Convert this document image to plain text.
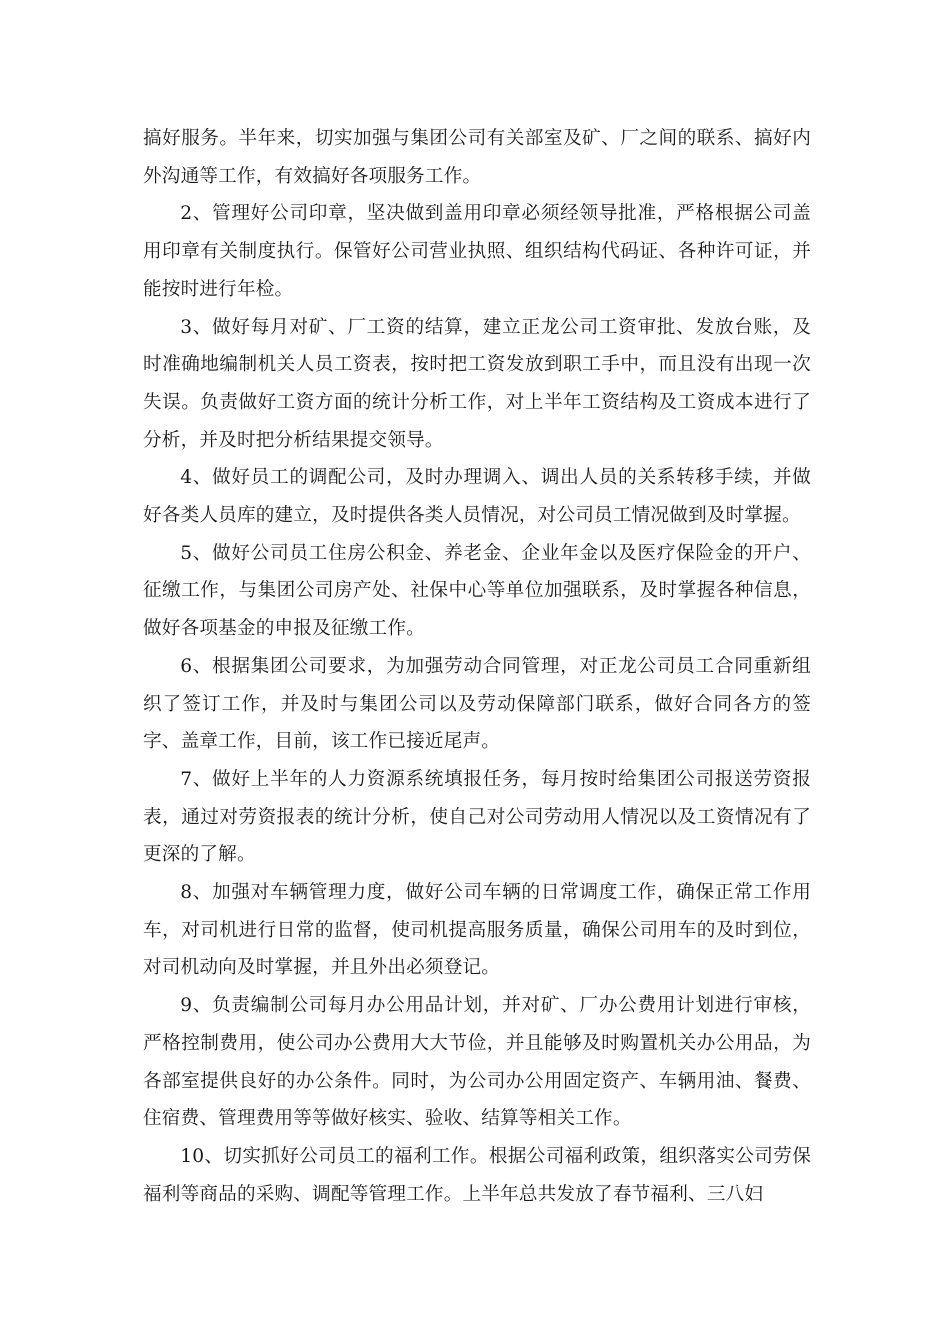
搞好服务。半年来，切实加强与集团公司有关部室及矿、厂之间的联系、搞好内外沟通等工作，有效搞好各项服务工作。

2、管理好公司印章，坚决做到盖用印章必须经领导批准，严格根据公司盖用印章有关制度执行。保管好公司营业执照、组织结构代码证、各种许可证，并能按时进行年检。

3、做好每月对矿、厂工资的结算，建立正龙公司工资审批、发放台账，及时准确地编制机关人员工资表，按时把工资发放到职工手中，而且没有出现一次失误。负责做好工资方面的统计分析工作，对上半年工资结构及工资成本进行了分析，并及时把分析结果提交领导。

4、做好员工的调配公司，及时办理调入、调出人员的关系转移手续，并做好各类人员库的建立，及时提供各类人员情况，对公司员工情况做到及时掌握。

5、做好公司员工住房公积金、养老金、企业年金以及医疗保险金的开户、征缴工作，与集团公司房产处、社保中心等单位加强联系，及时掌握各种信息，做好各项基金的申报及征缴工作。

6、根据集团公司要求，为加强劳动合同管理，对正龙公司员工合同重新组织了签订工作，并及时与集团公司以及劳动保障部门联系，做好合同各方的签字、盖章工作，目前，该工作已接近尾声。

7、做好上半年的人力资源系统填报任务，每月按时给集团公司报送劳资报表，通过对劳资报表的统计分析，使自己对公司劳动用人情况以及工资情况有了更深的了解。

8、加强对车辆管理力度，做好公司车辆的日常调度工作，确保正常工作用车，对司机进行日常的监督，使司机提高服务质量，确保公司用车的及时到位，对司机动向及时掌握，并且外出必须登记。

9、负责编制公司每月办公用品计划，并对矿、厂办公费用计划进行审核，严格控制费用，使公司办公费用大大节俭，并且能够及时购置机关办公用品，为各部室提供良好的办公条件。同时，为公司办公用固定资产、车辆用油、餐费、住宿费、管理费用等等做好核实、验收、结算等相关工作。

10、切实抓好公司员工的福利工作。根据公司福利政策，组织落实公司劳保福利等商品的采购、调配等管理工作。上半年总共发放了春节福利、三八妇
